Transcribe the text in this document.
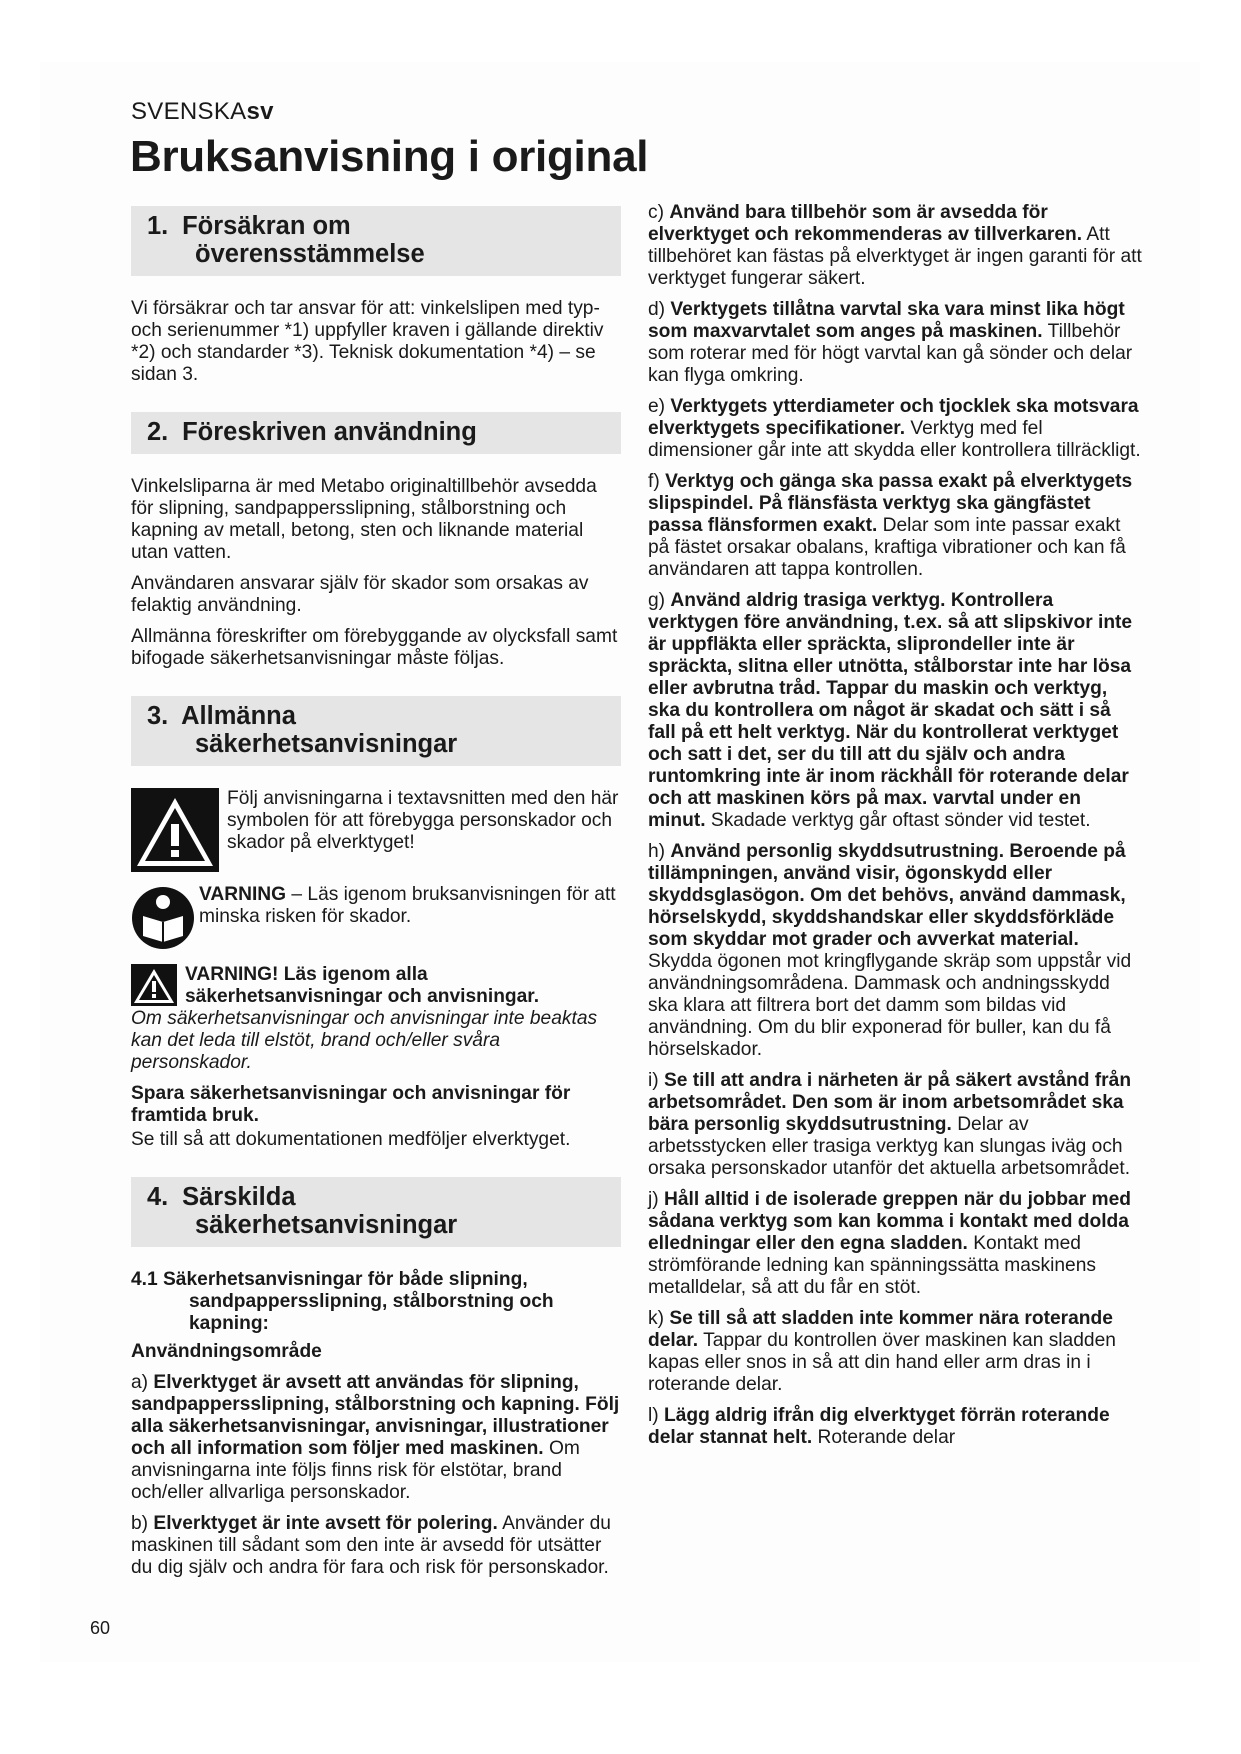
SVENSKAsv
Bruksanvisning i original
1. Försäkran om
överensstämmelse

Vi försäkrar och tar ansvar för att: vinkelslipen med typ- och serienummer *1) uppfyller kraven i gällande direktiv *2) och standarder *3). Teknisk dokumentation *4) – se sidan 3.

2. Föreskriven användning

Vinkelsliparna är med Metabo originaltillbehör avsedda för slipning, sandpappersslipning, stålborstning och kapning av metall, betong, sten och liknande material utan vatten.

Användaren ansvarar själv för skador som orsakas av felaktig användning.

Allmänna föreskrifter om förebyggande av olycksfall samt bifogade säkerhetsanvisningar måste följas.

3. Allmänna
säkerhetsanvisningar
Följ anvisningarna i textavsnitten med den här symbolen för att förebygga personskador och skador på elverktyget!
VARNING – Läs igenom bruksanvisningen för att minska risken för skador.
VARNING! Läs igenom alla säkerhetsanvisningar och anvisningar.

Om säkerhetsanvisningar och anvisningar inte beaktas kan det leda till elstöt, brand och/eller svåra personskador.

Spara säkerhetsanvisningar och anvisningar för framtida bruk.

Se till så att dokumentationen medföljer elverktyget.

4. Särskilda
säkerhetsanvisningar
4.1 Säkerhetsanvisningar för både slipning,
sandpappersslipning, stålborstning och kapning:

Användningsområde

a) Elverktyget är avsett att användas för slipning, sandpappersslipning, stålborstning och kapning. Följ alla säkerhetsanvisningar, anvisningar, illustrationer och all information som följer med maskinen. Om anvisningarna inte följs finns risk för elstötar, brand och/eller allvarliga personskador.

b) Elverktyget är inte avsett för polering. Använder du maskinen till sådant som den inte är avsedd för utsätter du dig själv och andra för fara och risk för personskador.

c) Använd bara tillbehör som är avsedda för elverktyget och rekommenderas av tillverkaren. Att tillbehöret kan fästas på elverktyget är ingen garanti för att verktyget fungerar säkert.

d) Verktygets tillåtna varvtal ska vara minst lika högt som maxvarvtalet som anges på maskinen. Tillbehör som roterar med för högt varvtal kan gå sönder och delar kan flyga omkring.

e) Verktygets ytterdiameter och tjocklek ska motsvara elverktygets specifikationer. Verktyg med fel dimensioner går inte att skydda eller kontrollera tillräckligt.

f) Verktyg och gänga ska passa exakt på elverktygets slipspindel. På flänsfästa verktyg ska gängfästet passa flänsformen exakt. Delar som inte passar exakt på fästet orsakar obalans, kraftiga vibrationer och kan få användaren att tappa kontrollen.

g) Använd aldrig trasiga verktyg. Kontrollera verktygen före användning, t.ex. så att slipskivor inte är uppfläkta eller spräckta, sliprondeller inte är spräckta, slitna eller utnötta, stålborstar inte har lösa eller avbrutna tråd. Tappar du maskin och verktyg, ska du kontrollera om något är skadat och sätt i så fall på ett helt verktyg. När du kontrollerat verktyget och satt i det, ser du till att du själv och andra runtomkring inte är inom räckhåll för roterande delar och att maskinen körs på max. varvtal under en minut. Skadade verktyg går oftast sönder vid testet.

h) Använd personlig skyddsutrustning. Beroende på tillämpningen, använd visir, ögonskydd eller skyddsglasögon. Om det behövs, använd dammask, hörselskydd, skyddshandskar eller skyddsförkläde som skyddar mot grader och avverkat material. Skydda ögonen mot kringflygande skräp som uppstår vid användningsområdena. Dammask och andningsskydd ska klara att filtrera bort det damm som bildas vid användning. Om du blir exponerad för buller, kan du få hörselskador.

i) Se till att andra i närheten är på säkert avstånd från arbetsområdet. Den som är inom arbetsområdet ska bära personlig skyddsutrustning. Delar av arbetsstycken eller trasiga verktyg kan slungas iväg och orsaka personskador utanför det aktuella arbetsområdet.

j) Håll alltid i de isolerade greppen när du jobbar med sådana verktyg som kan komma i kontakt med dolda elledningar eller den egna sladden. Kontakt med strömförande ledning kan spänningssätta maskinens metalldelar, så att du får en stöt.

k) Se till så att sladden inte kommer nära roterande delar. Tappar du kontrollen över maskinen kan sladden kapas eller snos in så att din hand eller arm dras in i roterande delar.

l) Lägg aldrig ifrån dig elverktyget förrän roterande delar stannat helt. Roterande delar

60
